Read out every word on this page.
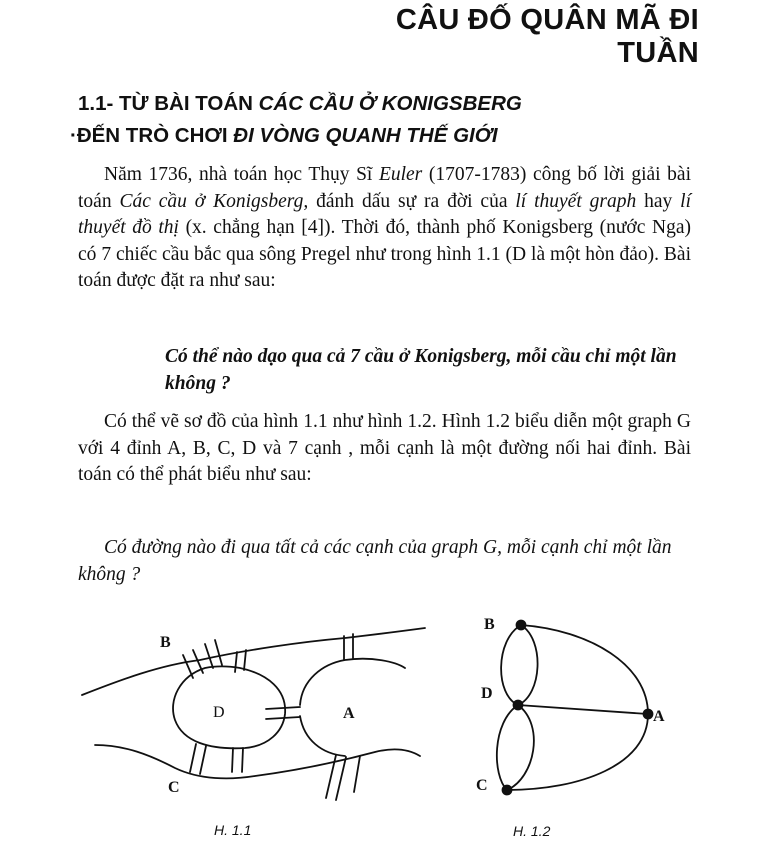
CÂU ĐỐ QUÂN MÃ ĐI TUẦN
1.1- TỪ BÀI TOÁN CÁC CẦU Ở KONIGSBERG
·ĐẾN TRÒ CHƠI ĐI VÒNG QUANH THẾ GIỚI
Năm 1736, nhà toán học Thụy Sĩ Euler (1707-1783) công bố lời giải bài toán Các cầu ở Konigsberg, đánh dấu sự ra đời của lí thuyết graph hay lí thuyết đồ thị (x. chẳng hạn [4]). Thời đó, thành phố Konigsberg (nước Nga) có 7 chiếc cầu bắc qua sông Pregel như trong hình 1.1 (D là một hòn đảo). Bài toán được đặt ra như sau:
Có thể nào dạo qua cả 7 cầu ở Konigsberg, mỗi cầu chỉ một lần không ?
Có thể vẽ sơ đồ của hình 1.1 như hình 1.2. Hình 1.2 biểu diễn một graph G với 4 đỉnh A, B, C, D và 7 cạnh , mỗi cạnh là một đường nối hai đỉnh. Bài toán có thể phát biểu như sau:
Có đường nào đi qua tất cả các cạnh của graph G, mỗi cạnh chỉ một lần không ?
B
D	A
C
B
D
A
C
H. 1.1	H. 1.2
